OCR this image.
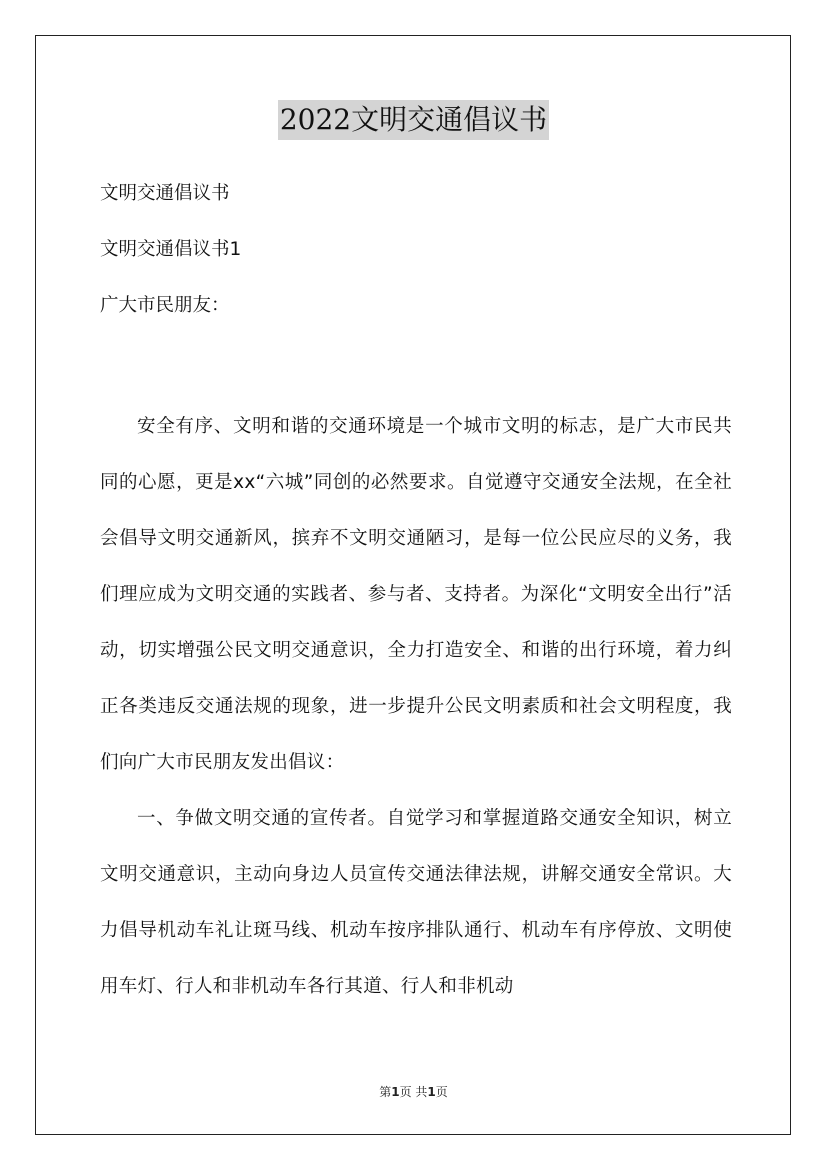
2022文明交通倡议书
文明交通倡议书
文明交通倡议书1
广大市民朋友：

安全有序、文明和谐的交通环境是一个城市文明的标志，是广大市民共同的心愿，更是xx“六城”同创的必然要求。自觉遵守交通安全法规，在全社会倡导文明交通新风，摈弃不文明交通陋习，是每一位公民应尽的义务，我们理应成为文明交通的实践者、参与者、支持者。为深化“文明安全出行”活动，切实增强公民文明交通意识，全力打造安全、和谐的出行环境，着力纠正各类违反交通法规的现象，进一步提升公民文明素质和社会文明程度，我们向广大市民朋友发出倡议：

一、争做文明交通的宣传者。自觉学习和掌握道路交通安全知识，树立文明交通意识，主动向身边人员宣传交通法律法规，讲解交通安全常识。大力倡导机动车礼让斑马线、机动车按序排队通行、机动车有序停放、文明使用车灯、行人和非机动车各行其道、行人和非机动

第1页 共1页
